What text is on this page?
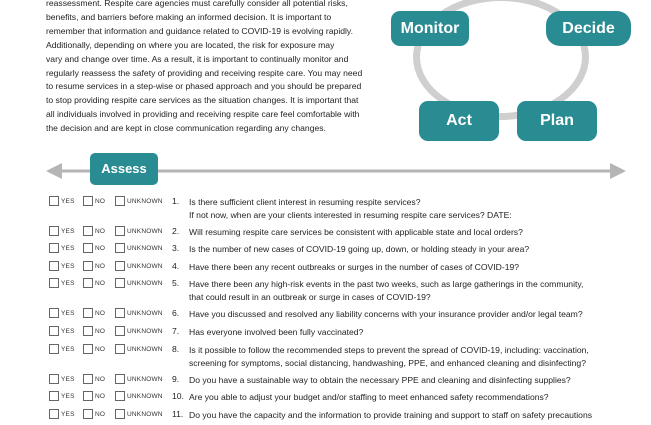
reassessment. Respite care agencies must carefully consider all potential risks,
benefits, and barriers before making an informed decision. It is important to
remember that information and guidance related to COVID-19 is evolving rapidly.
Additionally, depending on where you are located, the risk for exposure may
vary and change over time. As a result, it is important to continually monitor and
regularly reassess the safety of providing and receiving respite care. You may need
to resume services in a step-wise or phased approach and you should be prepared
to stop providing respite care services as the situation changes. It is important that
all individuals involved in providing and receiving respite care feel comfortable with
the decision and are kept in close communication regarding any changes.
Monitor	Decide
Act	Plan
Assess
YES	NO	UNKNOWN 1. Is there sufficient client interest in resuming respite services?
If not now, when are your clients interested in resuming respite care services? DATE:
YES	NO	UNKNOWN 2. Will resuming respite care services be consistent with applicable state and local orders?
YES	NO	UNKNOWN 3. Is the number of new cases of COVID-19 going up, down, or holding steady in your area?
YES	NO	UNKNOWN 4. Have there been any recent outbreaks or surges in the number of cases of COVID-19?
YES	NO	UNKNOWN 5. Have there been any high-risk events in the past two weeks, such as large gatherings in the community,
that could result in an outbreak or surge in cases of COVID-19?
YES	NO	UNKNOWN 6. Have you discussed and resolved any liability concerns with your insurance provider and/or legal team?
YES	NO	UNKNOWN 7. Has everyone involved been fully vaccinated?
YES	NO	UNKNOWN 8. Is it possible to follow the recommended steps to prevent the spread of COVID-19, including: vaccination,
screening for symptoms, social distancing, handwashing, PPE, and enhanced cleaning and disinfecting?
YES	NO	UNKNOWN 9. Do you have a sustainable way to obtain the necessary PPE and cleaning and disinfecting supplies?
YES	NO	UNKNOWN 10. Are you able to adjust your budget and/or staffing to meet enhanced safety recommendations?
YES	NO	UNKNOWN 11. Do you have the capacity and the information to provide training and support to staff on safety precautions
